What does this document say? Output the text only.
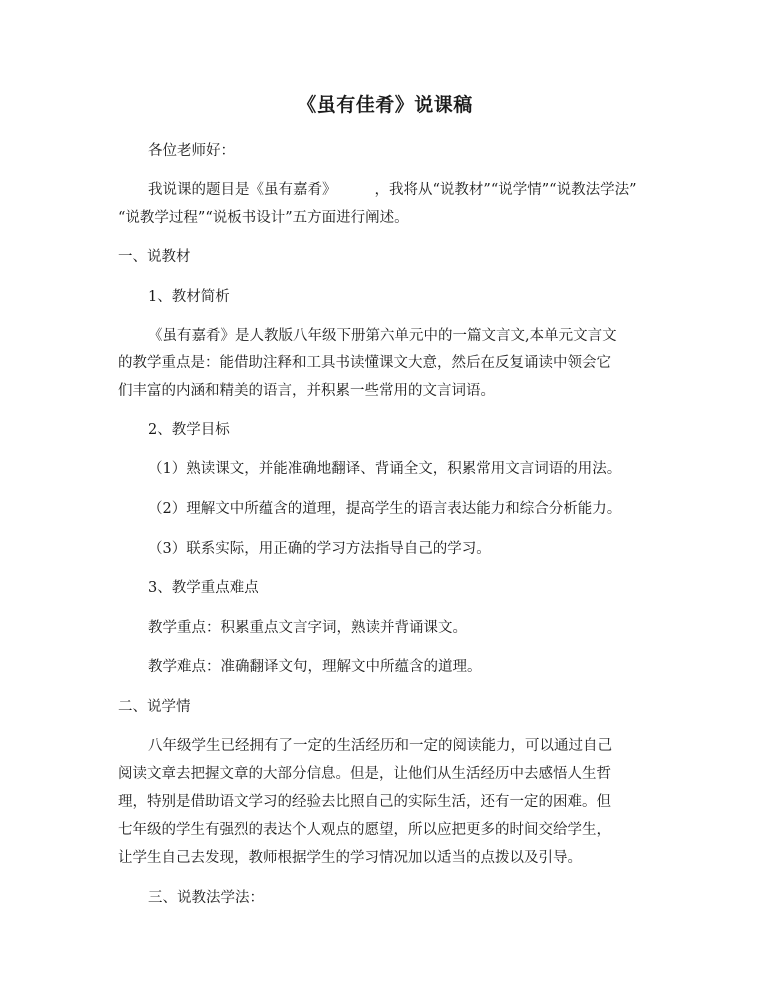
《虽有佳肴》说课稿
各位老师好：
我说课的题目是《虽有嘉肴》	，我将从“说教材”“说学情”“说教法学法”
“说教学过程”“说板书设计”五方面进行阐述。
一、说教材
1、教材简析
《虽有嘉肴》是人教版八年级下册第六单元中的一篇文言文,本单元文言文
的教学重点是：能借助注释和工具书读懂课文大意，然后在反复诵读中领会它
们丰富的内涵和精美的语言，并积累一些常用的文言词语。
2、教学目标
（1）熟读课文，并能准确地翻译、背诵全文，积累常用文言词语的用法。
（2）理解文中所蕴含的道理，提高学生的语言表达能力和综合分析能力。
（3）联系实际，用正确的学习方法指导自己的学习。
3、教学重点难点
教学重点：积累重点文言字词，熟读并背诵课文。
教学难点：准确翻译文句，理解文中所蕴含的道理。
二、说学情
八年级学生已经拥有了一定的生活经历和一定的阅读能力，可以通过自己
阅读文章去把握文章的大部分信息。但是，让他们从生活经历中去感悟人生哲
理，特别是借助语文学习的经验去比照自己的实际生活，还有一定的困难。但
七年级的学生有强烈的表达个人观点的愿望，所以应把更多的时间交给学生，
让学生自己去发现，教师根据学生的学习情况加以适当的点拨以及引导。
三、说教法学法：
